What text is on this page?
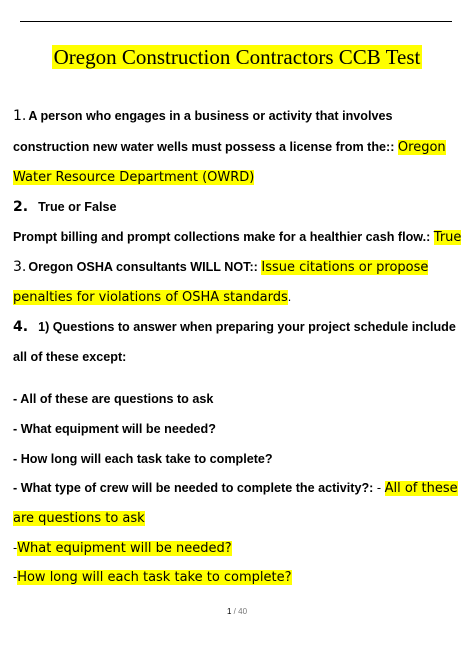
Oregon Construction Contractors CCB Test
1. A person who engages in a business or activity that involves
construction new water wells must possess a license from the:: Oregon
Water Resource Department (OWRD)
2. True or False
Prompt billing and prompt collections make for a healthier cash flow.: True
3. Oregon OSHA consultants WILL NOT:: Issue citations or propose
penalties for violations of OSHA standards.
4. 1) Questions to answer when preparing your project schedule include
all of these except:
- All of these are questions to ask
- What equipment will be needed?
- How long will each task take to complete?
- What type of crew will be needed to complete the activity?: - All of these
are questions to ask
-What equipment will be needed?
-How long will each task take to complete?
1 / 40
